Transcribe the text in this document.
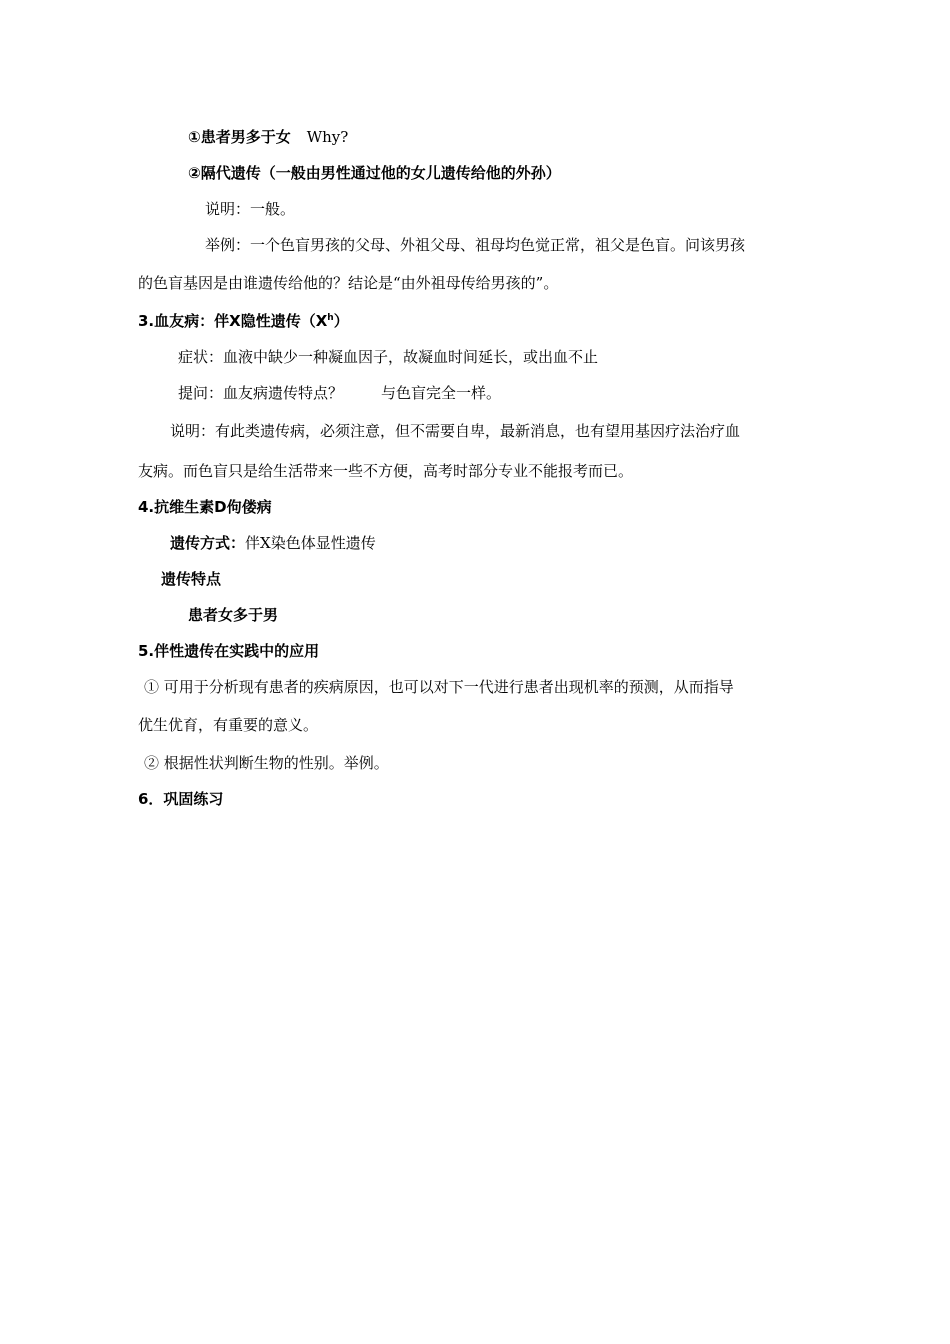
①患者男多于女 Why?
②隔代遗传（一般由男性通过他的女儿遗传给他的外孙）
说明：一般。
举例：一个色盲男孩的父母、外祖父母、祖母均色觉正常，祖父是色盲。问该男孩
的色盲基因是由谁遗传给他的？结论是“由外祖母传给男孩的”。
3.血友病：伴X隐性遗传$(X^h)$
症状：血液中缺少一种凝血因子，故凝血时间延长，或出血不止
提问：血友病遗传特点？	与色盲完全一样。
说明：有此类遗传病，必须注意，但不需要自卑，最新消息，也有望用基因疗法治疗血
友病。而色盲只是给生活带来一些不方便，高考时部分专业不能报考而已。
4.抗维生素D佝偻病
遗传方式：伴X染色体显性遗传
遗传特点
患者女多于男
5.伴性遗传在实践中的应用
① 可用于分析现有患者的疾病原因，也可以对下一代进行患者出现机率的预测，从而指导
优生优育，有重要的意义。
② 根据性状判断生物的性别。举例。
6．巩固练习
